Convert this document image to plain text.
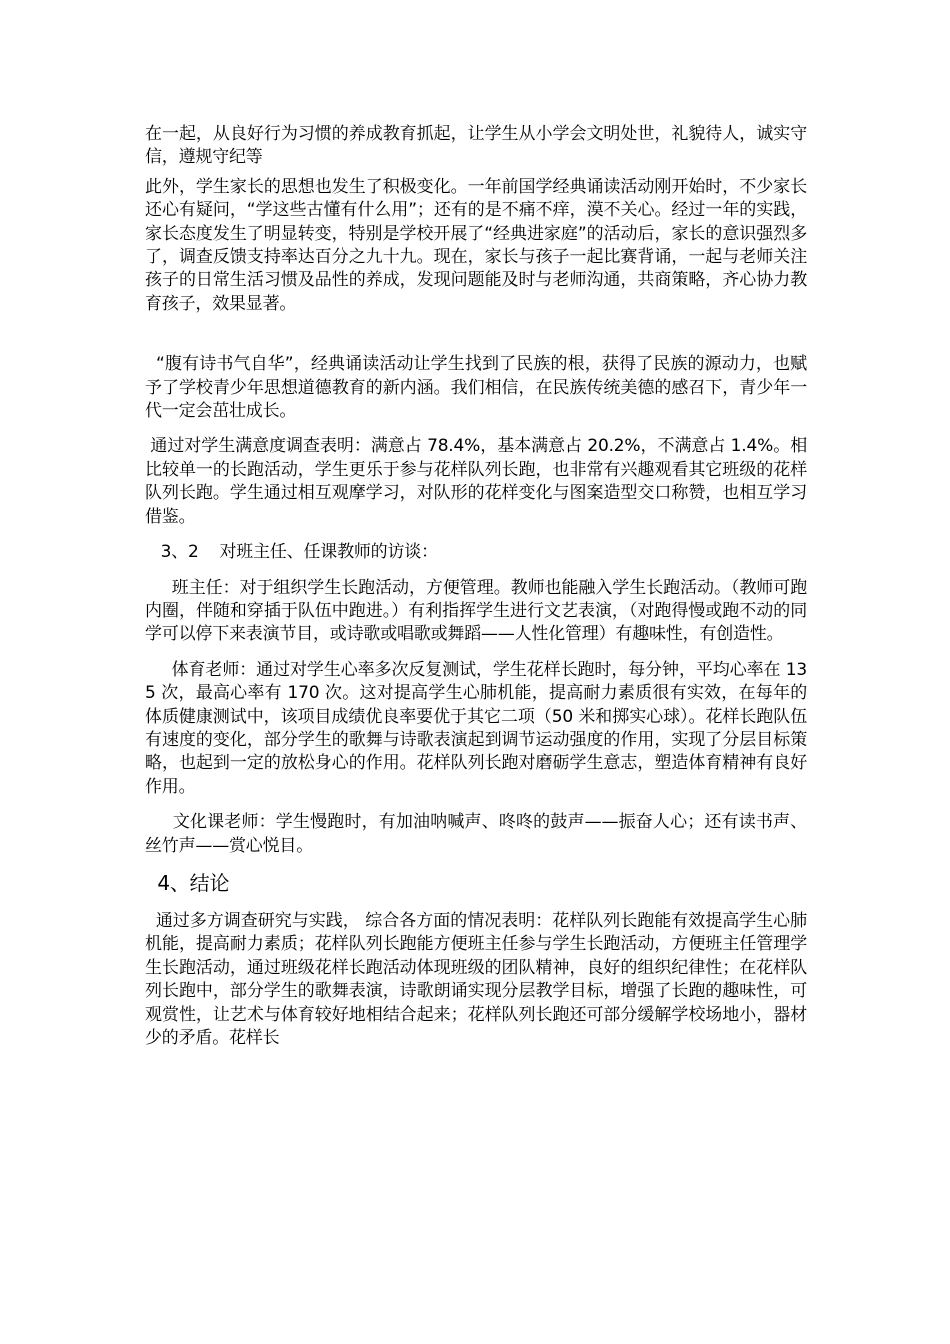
在一起，从良好行为习惯的养成教育抓起，让学生从小学会文明处世，礼貌待人，诚实守信，遵规守纪等

此外，学生家长的思想也发生了积极变化。一年前国学经典诵读活动刚开始时，不少家长还心有疑问，“学这些古懂有什么用”；还有的是不痛不痒，漠不关心。经过一年的实践，家长态度发生了明显转变，特别是学校开展了“经典进家庭”的活动后，家长的意识强烈多了，调查反馈支持率达百分之九十九。现在，家长与孩子一起比赛背诵，一起与老师关注孩子的日常生活习惯及品性的养成，发现问题能及时与老师沟通，共商策略，齐心协力教育孩子，效果显著。

“腹有诗书气自华”，经典诵读活动让学生找到了民族的根，获得了民族的源动力，也赋予了学校青少年思想道德教育的新内涵。我们相信，在民族传统美德的感召下，青少年一代一定会茁壮成长。

通过对学生满意度调查表明：满意占 78.4%，基本满意占 20.2%，不满意占 1.4%。相比较单一的长跑活动，学生更乐于参与花样队列长跑，也非常有兴趣观看其它班级的花样队列长跑。学生通过相互观摩学习，对队形的花样变化与图案造型交口称赞，也相互学习借鉴。

3、2    对班主任、任课教师的访谈：

班主任：对于组织学生长跑活动，方便管理。教师也能融入学生长跑活动。（教师可跑内圈，伴随和穿插于队伍中跑进。）有利指挥学生进行文艺表演，（对跑得慢或跑不动的同学可以停下来表演节目，或诗歌或唱歌或舞蹈——人性化管理）有趣味性，有创造性。

体育老师：通过对学生心率多次反复测试，学生花样长跑时，每分钟，平均心率在 135 次，最高心率有 170 次。这对提高学生心肺机能，提高耐力素质很有实效，在每年的体质健康测试中，该项目成绩优良率要优于其它二项（50 米和掷实心球）。花样长跑队伍有速度的变化，部分学生的歌舞与诗歌表演起到调节运动强度的作用，实现了分层目标策略，也起到一定的放松身心的作用。花样队列长跑对磨砺学生意志，塑造体育精神有良好作用。

文化课老师：学生慢跑时，有加油呐喊声、咚咚的鼓声——振奋人心；还有读书声、丝竹声——赏心悦目。

4、结论

通过多方调查研究与实践， 综合各方面的情况表明：花样队列长跑能有效提高学生心肺机能，提高耐力素质；花样队列长跑能方便班主任参与学生长跑活动，方便班主任管理学生长跑活动，通过班级花样长跑活动体现班级的团队精神，良好的组织纪律性；在花样队列长跑中，部分学生的歌舞表演，诗歌朗诵实现分层教学目标，增强了长跑的趣味性，可观赏性，让艺术与体育较好地相结合起来；花样队列长跑还可部分缓解学校场地小，器材少的矛盾。花样长
